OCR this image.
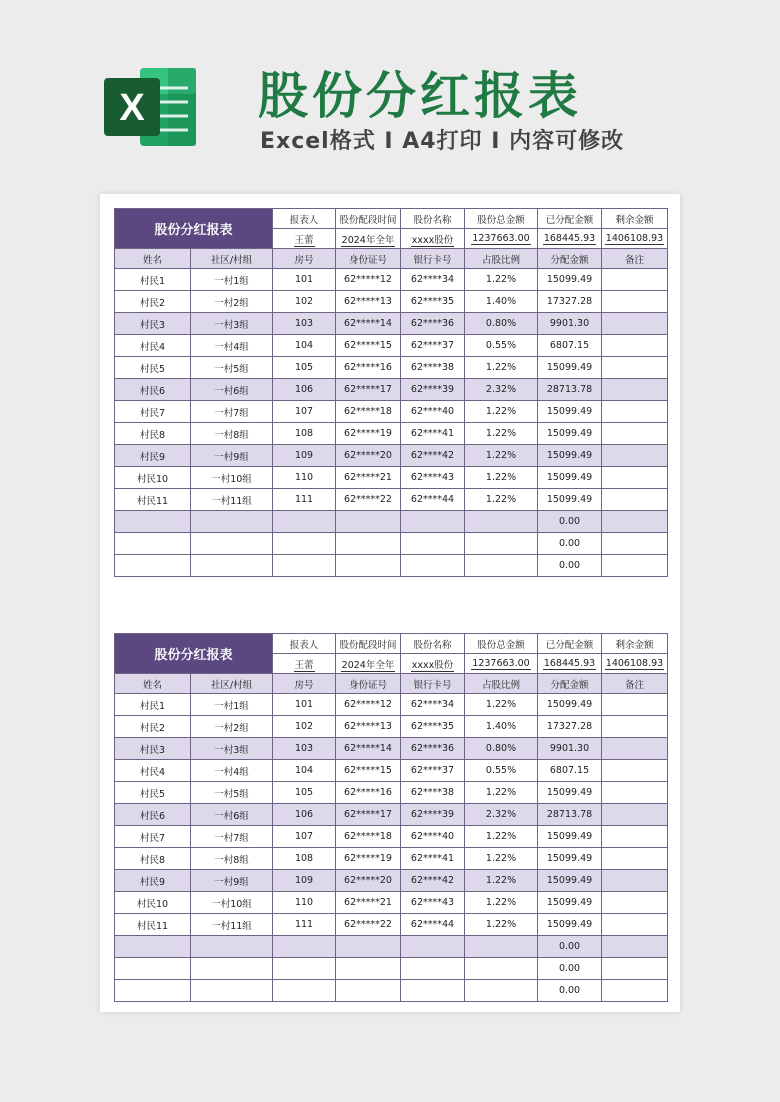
X 股份分红报表
Excel格式 I A4打印 I 内容可修改
股份分红报表		报表人	股份配段时间	股份名称	股份总金额	已分配金额	剩余金额
		王蕾	2024年全年	xxxx股份	1237663.00	168445.93	1406108.93
姓名	社区/村组	房号	身份证号	银行卡号	占股比例	分配金额	备注
村民1	一村1组	101	62*****12	62****34	1.22%	15099.49	
村民2	一村2组	102	62*****13	62****35	1.40%	17327.28	
村民3	一村3组	103	62*****14	62****36	0.80%	9901.30	
村民4	一村4组	104	62*****15	62****37	0.55%	6807.15	
村民5	一村5组	105	62*****16	62****38	1.22%	15099.49	
村民6	一村6组	106	62*****17	62****39	2.32%	28713.78	
村民7	一村7组	107	62*****18	62****40	1.22%	15099.49	
村民8	一村8组	108	62*****19	62****41	1.22%	15099.49	
村民9	一村9组	109	62*****20	62****42	1.22%	15099.49	
村民10	一村10组	110	62*****21	62****43	1.22%	15099.49	
村民11	一村11组	111	62*****22	62****44	1.22%	15099.49	
						0.00	
						0.00	
						0.00	
股份分红报表		报表人	股份配段时间	股份名称	股份总金额	已分配金额	剩余金额
		王蕾	2024年全年	xxxx股份	1237663.00	168445.93	1406108.93
姓名	社区/村组	房号	身份证号	银行卡号	占股比例	分配金额	备注
村民1	一村1组	101	62*****12	62****34	1.22%	15099.49	
村民2	一村2组	102	62*****13	62****35	1.40%	17327.28	
村民3	一村3组	103	62*****14	62****36	0.80%	9901.30	
村民4	一村4组	104	62*****15	62****37	0.55%	6807.15	
村民5	一村5组	105	62*****16	62****38	1.22%	15099.49	
村民6	一村6组	106	62*****17	62****39	2.32%	28713.78	
村民7	一村7组	107	62*****18	62****40	1.22%	15099.49	
村民8	一村8组	108	62*****19	62****41	1.22%	15099.49	
村民9	一村9组	109	62*****20	62****42	1.22%	15099.49	
村民10	一村10组	110	62*****21	62****43	1.22%	15099.49	
村民11	一村11组	111	62*****22	62****44	1.22%	15099.49	
						0.00	
						0.00	
						0.00	
